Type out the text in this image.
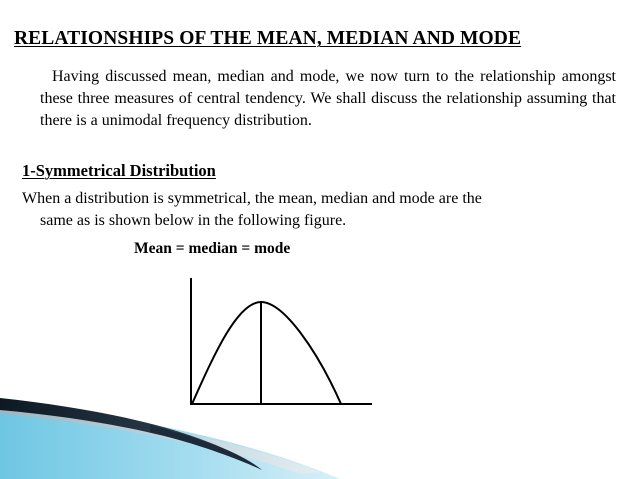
RELATIONSHIPS OF THE MEAN, MEDIAN AND MODE

Having discussed mean, median and mode, we now turn to the relationship amongst these three measures of central tendency. We shall discuss the relationship assuming that there is a unimodal frequency distribution.

1-Symmetrical Distribution

When a distribution is symmetrical, the mean, median and mode are the
same as is shown below in the following figure.

Mean = median = mode
